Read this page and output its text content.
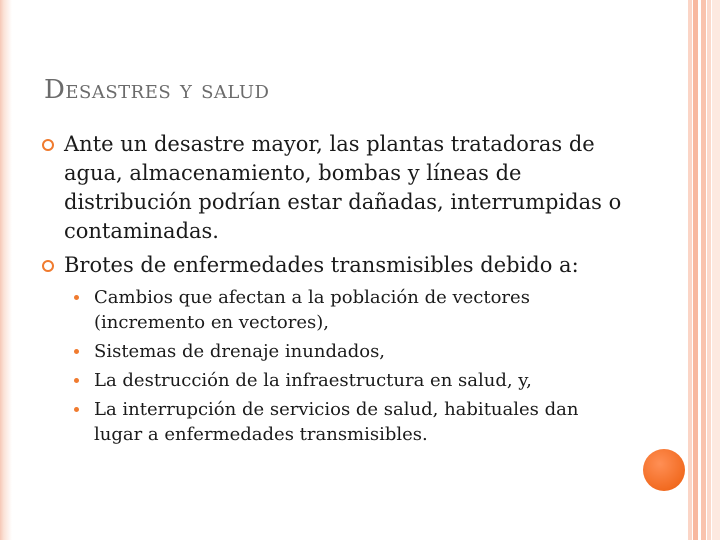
Desastres y salud
Ante un desastre mayor, las plantas tratadoras de agua, almacenamiento, bombas y líneas de distribución podrían estar dañadas, interrumpidas o contaminadas.
Brotes de enfermedades transmisibles debido a:
Cambios que afectan a la población de vectores (incremento en vectores),
Sistemas de drenaje inundados,
La destrucción de la infraestructura en salud, y,
La interrupción de servicios de salud, habituales dan lugar a enfermedades transmisibles.
